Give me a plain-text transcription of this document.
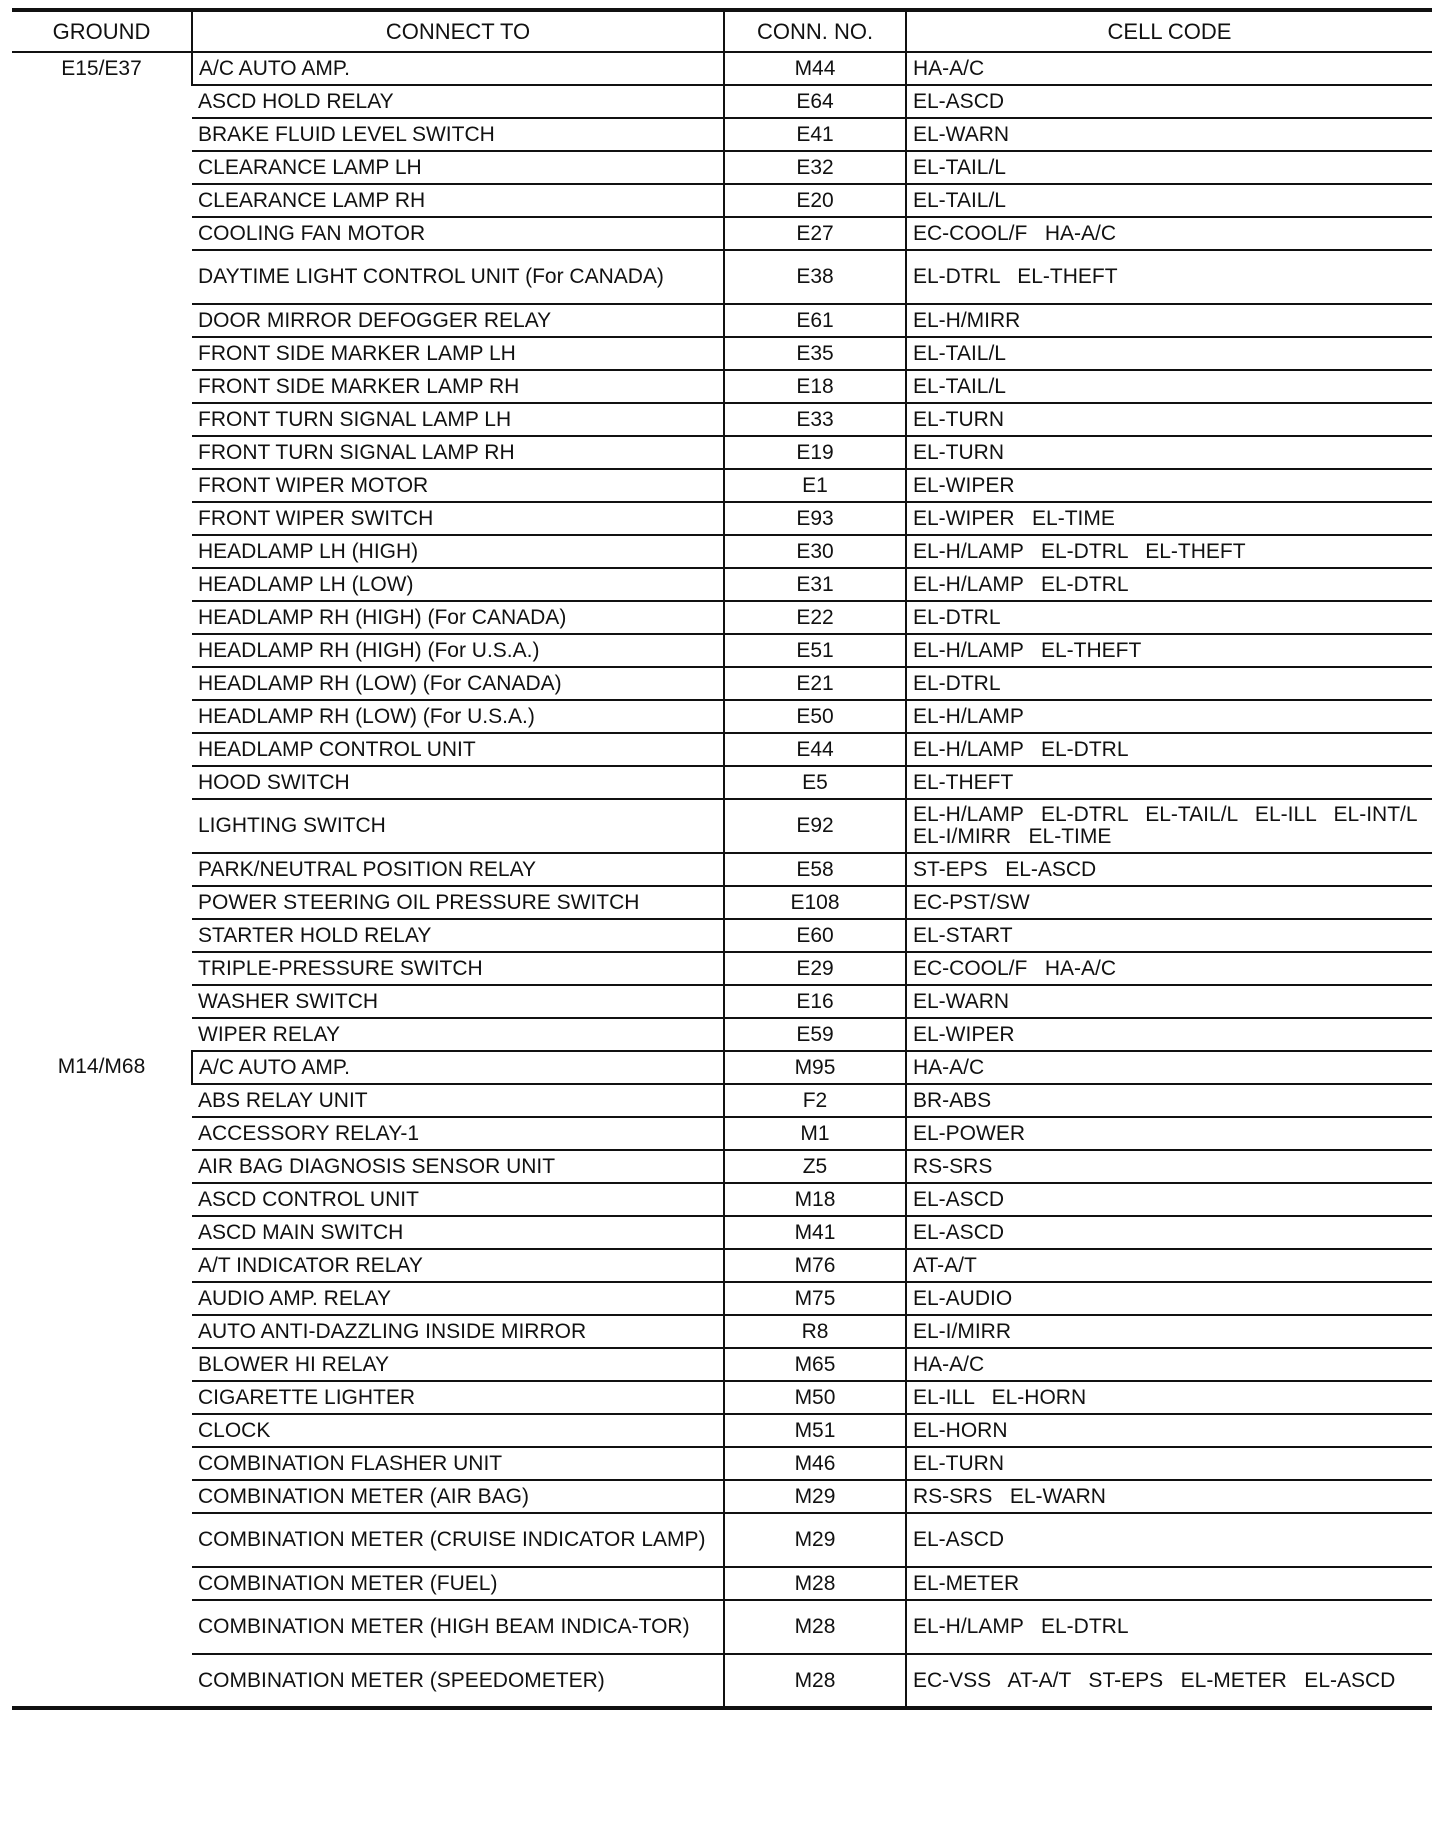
GROUND	CONNECT TO	CONN. NO.	CELL CODE
E15/E37	A/C AUTO AMP.	M44	HA-A/C
	ASCD HOLD RELAY	E64	EL-ASCD
	BRAKE FLUID LEVEL SWITCH	E41	EL-WARN
	CLEARANCE LAMP LH	E32	EL-TAIL/L
	CLEARANCE LAMP RH	E20	EL-TAIL/L
	COOLING FAN MOTOR	E27	EC-COOL/F   HA-A/C
	DAYTIME LIGHT CONTROL UNIT (For CANADA)	E38	EL-DTRL   EL-THEFT
	DOOR MIRROR DEFOGGER RELAY	E61	EL-H/MIRR
	FRONT SIDE MARKER LAMP LH	E35	EL-TAIL/L
	FRONT SIDE MARKER LAMP RH	E18	EL-TAIL/L
	FRONT TURN SIGNAL LAMP LH	E33	EL-TURN
	FRONT TURN SIGNAL LAMP RH	E19	EL-TURN
	FRONT WIPER MOTOR	E1	EL-WIPER
	FRONT WIPER SWITCH	E93	EL-WIPER   EL-TIME
	HEADLAMP LH (HIGH)	E30	EL-H/LAMP   EL-DTRL   EL-THEFT
	HEADLAMP LH (LOW)	E31	EL-H/LAMP   EL-DTRL
	HEADLAMP RH (HIGH) (For CANADA)	E22	EL-DTRL
	HEADLAMP RH (HIGH) (For U.S.A.)	E51	EL-H/LAMP   EL-THEFT
	HEADLAMP RH (LOW) (For CANADA)	E21	EL-DTRL
	HEADLAMP RH (LOW) (For U.S.A.)	E50	EL-H/LAMP
	HEADLAMP CONTROL UNIT	E44	EL-H/LAMP   EL-DTRL
	HOOD SWITCH	E5	EL-THEFT
	LIGHTING SWITCH	E92	EL-H/LAMP   EL-DTRL   EL-TAIL/L   EL-ILL   EL-INT/L   EL-I/MIRR   EL-TIME
	PARK/NEUTRAL POSITION RELAY	E58	ST-EPS   EL-ASCD
	POWER STEERING OIL PRESSURE SWITCH	E108	EC-PST/SW
	STARTER HOLD RELAY	E60	EL-START
	TRIPLE-PRESSURE SWITCH	E29	EC-COOL/F   HA-A/C
	WASHER SWITCH	E16	EL-WARN
	WIPER RELAY	E59	EL-WIPER
M14/M68	A/C AUTO AMP.	M95	HA-A/C
	ABS RELAY UNIT	F2	BR-ABS
	ACCESSORY RELAY-1	M1	EL-POWER
	AIR BAG DIAGNOSIS SENSOR UNIT	Z5	RS-SRS
	ASCD CONTROL UNIT	M18	EL-ASCD
	ASCD MAIN SWITCH	M41	EL-ASCD
	A/T INDICATOR RELAY	M76	AT-A/T
	AUDIO AMP. RELAY	M75	EL-AUDIO
	AUTO ANTI-DAZZLING INSIDE MIRROR	R8	EL-I/MIRR
	BLOWER HI RELAY	M65	HA-A/C
	CIGARETTE LIGHTER	M50	EL-ILL   EL-HORN
	CLOCK	M51	EL-HORN
	COMBINATION FLASHER UNIT	M46	EL-TURN
	COMBINATION METER (AIR BAG)	M29	RS-SRS   EL-WARN
	COMBINATION METER (CRUISE INDICATOR LAMP)	M29	EL-ASCD
	COMBINATION METER (FUEL)	M28	EL-METER
	COMBINATION METER (HIGH BEAM INDICA-TOR)	M28	EL-H/LAMP   EL-DTRL
	COMBINATION METER (SPEEDOMETER)	M28	EC-VSS   AT-A/T   ST-EPS   EL-METER   EL-ASCD
